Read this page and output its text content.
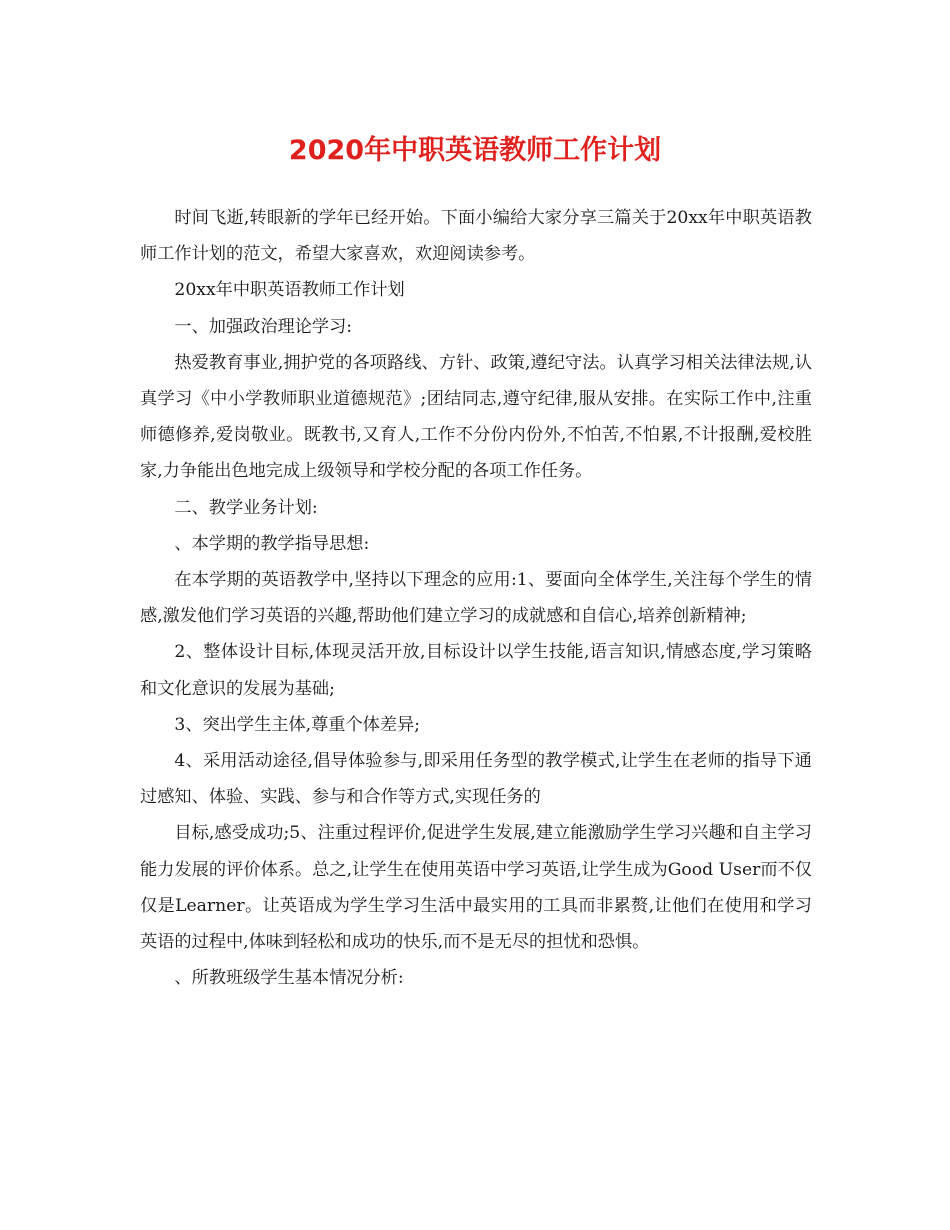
2020年中职英语教师工作计划

时间飞逝,转眼新的学年已经开始。下面小编给大家分享三篇关于20xx年中职英语教师工作计划的范文，希望大家喜欢，欢迎阅读参考。

20xx年中职英语教师工作计划

一、加强政治理论学习:

热爱教育事业,拥护党的各项路线、方针、政策,遵纪守法。认真学习相关法律法规,认真学习《中小学教师职业道德规范》;团结同志,遵守纪律,服从安排。在实际工作中,注重师德修养,爱岗敬业。既教书,又育人,工作不分份内份外,不怕苦,不怕累,不计报酬,爱校胜家,力争能出色地完成上级领导和学校分配的各项工作任务。

二、教学业务计划:

、本学期的教学指导思想:

在本学期的英语教学中,坚持以下理念的应用:1、要面向全体学生,关注每个学生的情感,激发他们学习英语的兴趣,帮助他们建立学习的成就感和自信心,培养创新精神;

2、整体设计目标,体现灵活开放,目标设计以学生技能,语言知识,情感态度,学习策略和文化意识的发展为基础;

3、突出学生主体,尊重个体差异;

4、采用活动途径,倡导体验参与,即采用任务型的教学模式,让学生在老师的指导下通过感知、体验、实践、参与和合作等方式,实现任务的

目标,感受成功;5、注重过程评价,促进学生发展,建立能激励学生学习兴趣和自主学习能力发展的评价体系。总之,让学生在使用英语中学习英语,让学生成为Good User而不仅仅是Learner。让英语成为学生学习生活中最实用的工具而非累赘,让他们在使用和学习英语的过程中,体味到轻松和成功的快乐,而不是无尽的担忧和恐惧。

、所教班级学生基本情况分析:
